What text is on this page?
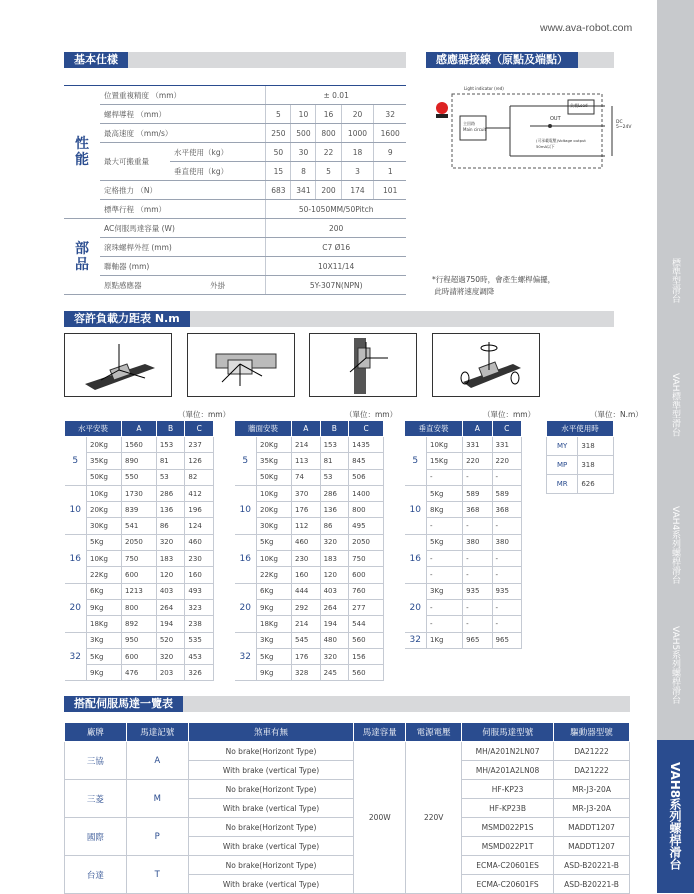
www.ava-robot.com
基本仕樣	感應器接線（原點及端點）
容許負載力距表 N.m
搭配伺服馬達一覽表
性
能	位置重複精度 （mm）		± 0.01				
	螺桿導程 （mm）		5	10	16	20	32
	最高速度 （mm/s）		250	500	800	1000	1600
	最大可搬重量	水平使用（kg）	50	30	22	18	9
		垂直使用（kg）	15	8	5	3	1
	定格推力 （N）		683	341	200	174	101
	標準行程 （mm）		50-1050MM/50Pitch				
部
品	AC伺服馬達容量 (W)		200				
	滾珠螺桿外徑 (mm)		C7 Ø16				
	聯軸器 (mm)		10X11/14				
	原點感應器	外掛	5Y-307N(NPN)				
Light indicator (red)
主回路
Main circuit
負載Load
OUT
DC
5~24V
(可承載電壓)Voltage output
50mA以下
*行程超過750時，會產生螺桿偏擺，
此時請將速度調降
（單位：mm）	（單位：mm）	（單位：mm）	（單位：N.m）
水平安裝		A	B	C
5	20Kg	1560	153	237
	35Kg	890	81	126
	50Kg	550	53	82
10	10Kg	1730	286	412
	20Kg	839	136	196
	30Kg	541	86	124
16	5Kg	2050	320	460
	10Kg	750	183	230
	22Kg	600	120	160
20	6Kg	1213	403	493
	9Kg	800	264	323
	18Kg	892	194	238
32	3Kg	950	520	535
	5Kg	600	320	453
	9Kg	476	203	326
牆面安裝		A	B	C
5	20Kg	214	153	1435
	35Kg	113	81	845
	50Kg	74	53	506
10	10Kg	370	286	1400
	20Kg	176	136	800
	30Kg	112	86	495
16	5Kg	460	320	2050
	10Kg	230	183	750
	22Kg	160	120	600
20	6Kg	444	403	760
	9Kg	292	264	277
	18Kg	214	194	544
32	3Kg	545	480	560
	5Kg	176	320	156
	9Kg	328	245	560
垂直安裝		A	C
5	10Kg	331	331
	15Kg	220	220
	-	-	-
10	5Kg	589	589
	8Kg	368	368
	-	-	-
16	5Kg	380	380
	-	-	-
	-	-	-
20	3Kg	935	935
	-	-	-
	-	-	-
32	1Kg	965	965
水平使用時	
MY	318
MP	318
MR	626
廠牌	馬達記號	煞車有無	馬達容量	電源電壓	伺服馬達型號	驅動器型號
三協	A	No brake(Horizont Type)	200W	220V	MH/A201N2LN07	DA21222
		With brake (vertical Type)			MH/A201A2LN08	DA21222
三菱	M	No brake(Horizont Type)			HF-KP23	MR-J3-20A
		With brake (vertical Type)			HF-KP23B	MR-J3-20A
國際	P	No brake(Horizont Type)			MSMD022P1S	MADDT1207
		With brake (vertical Type)			MSMD022P1T	MADDT1207
台達	T	No brake(Horizont Type)			ECMA-C20601ES	ASD-B20221-B
		With brake (vertical Type)			ECMA-C20601FS	ASD-B20221-B
標準型滑台
VAH標準型滑台
VAH4系列螺桿滑台
VAH5系列螺桿滑台
VAH8系列螺桿滑台
